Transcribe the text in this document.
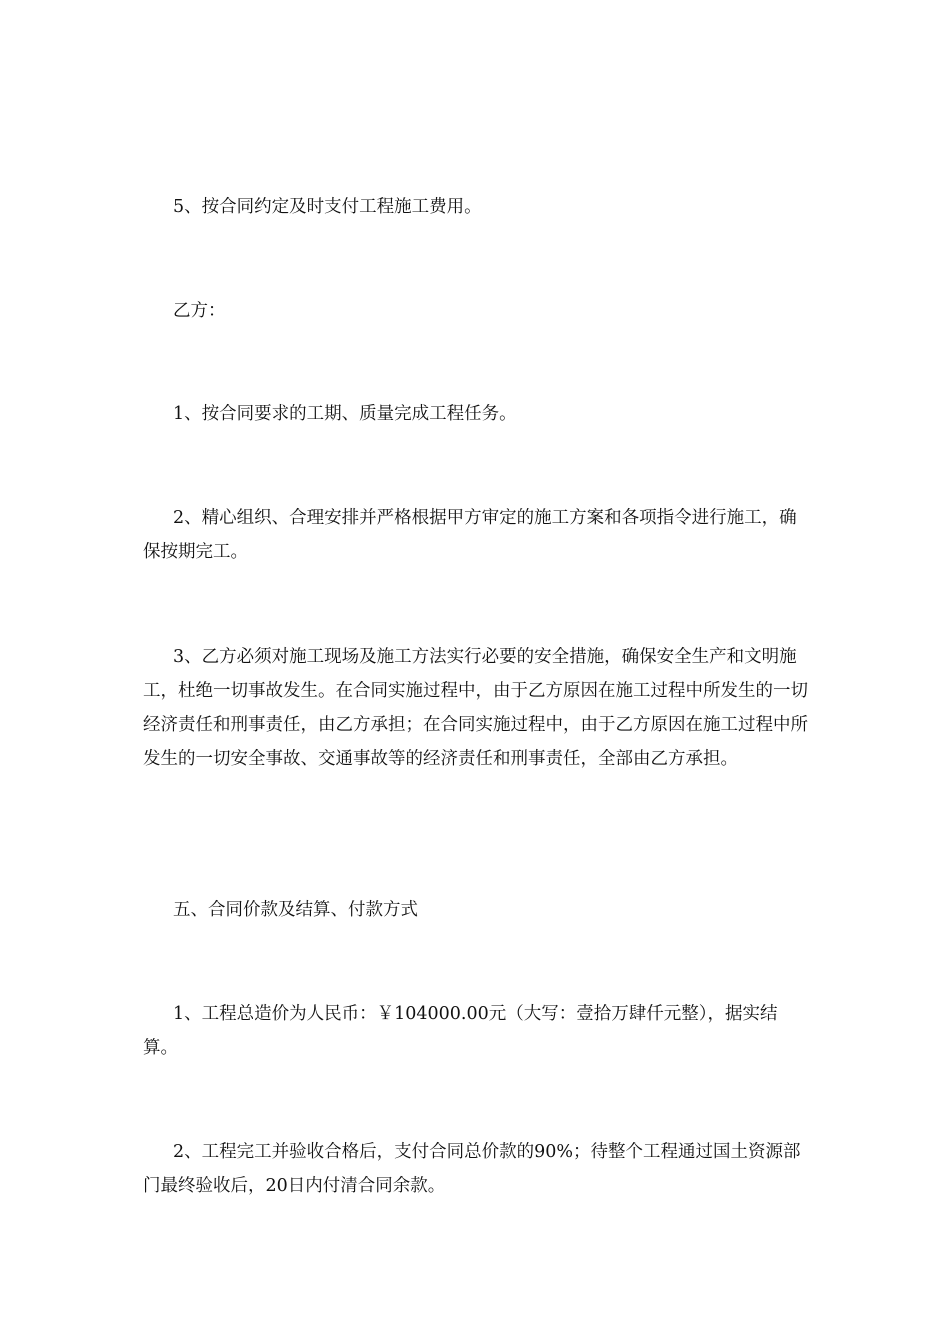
5、按合同约定及时支付工程施工费用。

乙方：

1、按合同要求的工期、质量完成工程任务。

2、精心组织、合理安排并严格根据甲方审定的施工方案和各项指令进行施工，确保按期完工。

3、乙方必须对施工现场及施工方法实行必要的安全措施，确保安全生产和文明施工，杜绝一切事故发生。在合同实施过程中，由于乙方原因在施工过程中所发生的一切经济责任和刑事责任，由乙方承担；在合同实施过程中，由于乙方原因在施工过程中所发生的一切安全事故、交通事故等的经济责任和刑事责任，全部由乙方承担。

五、合同价款及结算、付款方式

1、工程总造价为人民币：￥104000.00元（大写：壹拾万肆仟元整），据实结算。

2、工程完工并验收合格后，支付合同总价款的90%；待整个工程通过国土资源部门最终验收后，20日内付清合同余款。
